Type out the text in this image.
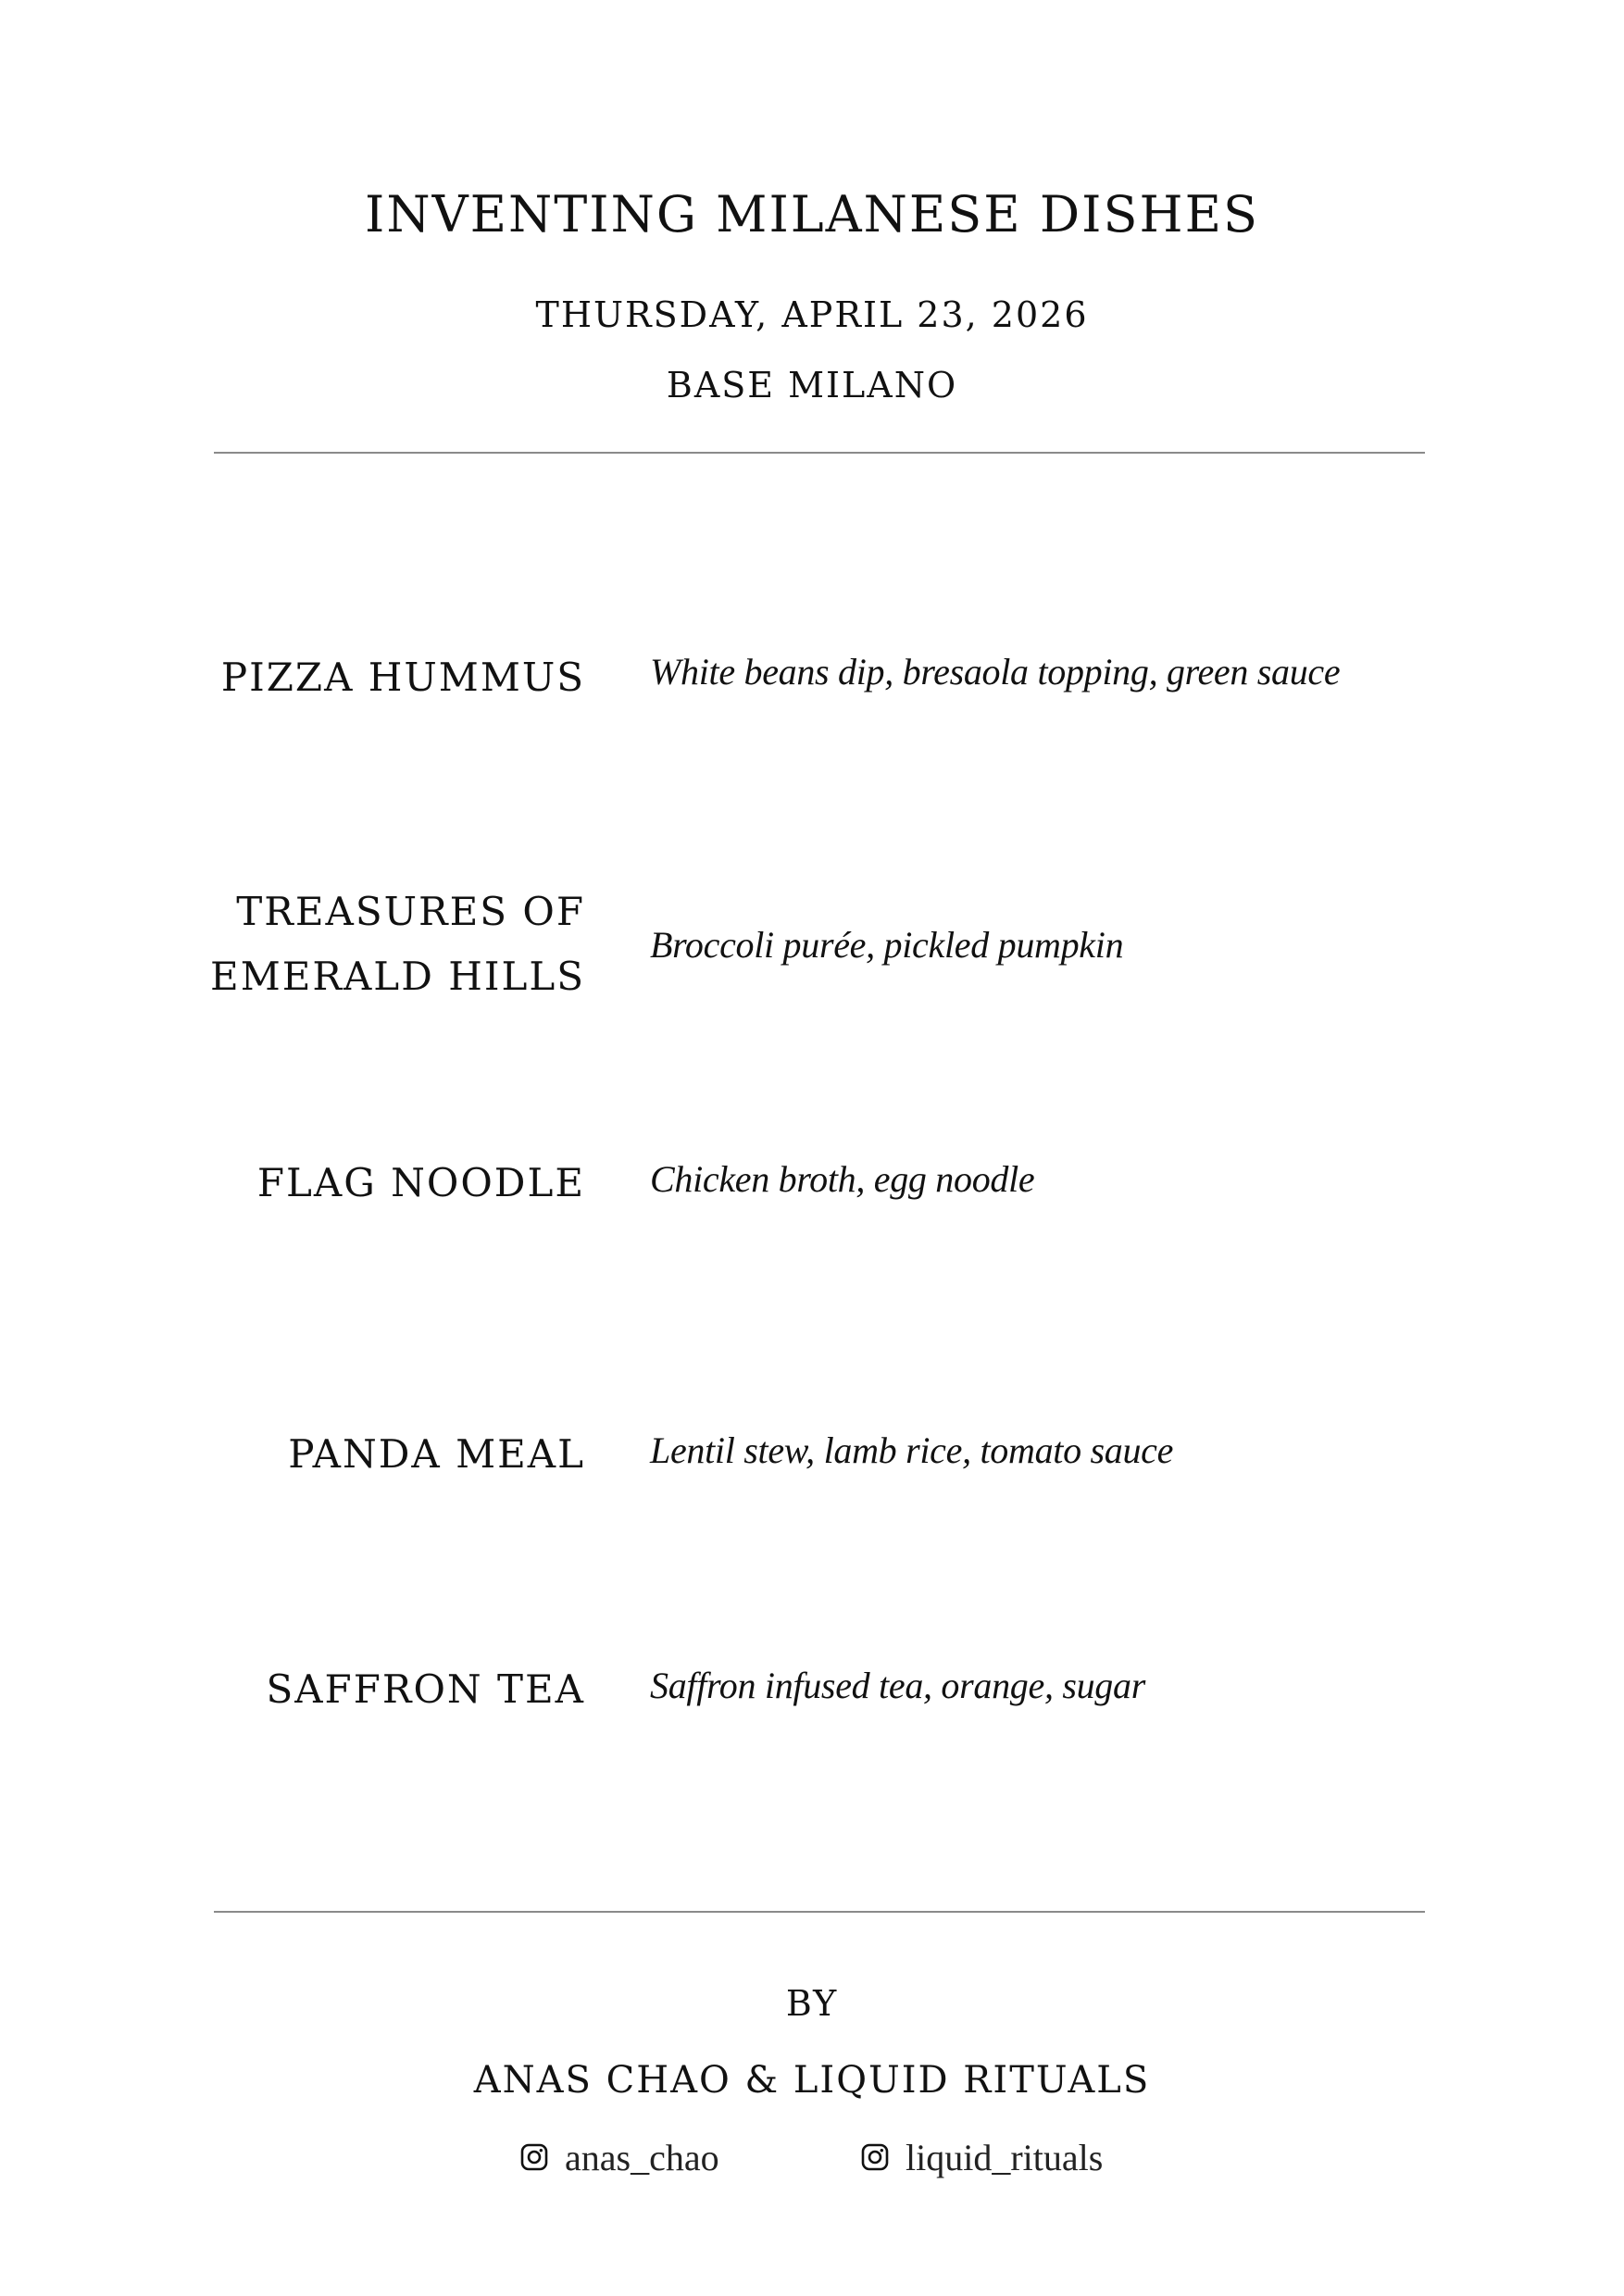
INVENTING MILANESE DISHES
THURSDAY, APRIL 23, 2026
BASE MILANO
PIZZA HUMMUS White beans dip, bresaola topping, green sauce
TREASURES OF
EMERALD HILLS
Broccoli purée, pickled pumpkin
FLAG NOODLE Chicken broth, egg noodle
PANDA MEAL Lentil stew, lamb rice, tomato sauce
SAFFRON TEA Saffron infused tea, orange, sugar
BY
ANAS CHAO & LIQUID RITUALS
anas_chao	liquid_rituals
